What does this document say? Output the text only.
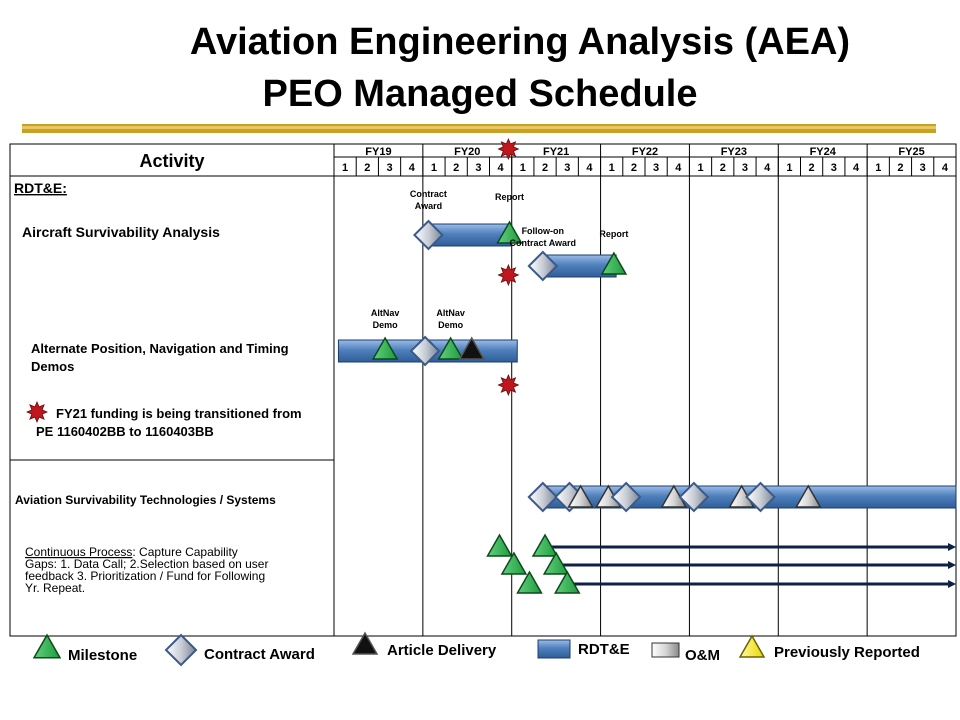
Aviation Engineering Analysis (AEA)
PEO Managed Schedule
Activity	FY19	FY20	FY21	FY22	FY23	FY24	FY25
1 2 3 4 1 2 3 4 1 2 3 4 1 2 3 4 1 2 3 4 1 2 3 4 1 2 3 4
RDT&E:
Aircraft Survivability Analysis
Alternate Position, Navigation and Timing
Demos
FY21 funding is being transitioned from
PE 1160402BB to 1160403BB
Aviation Survivability Technologies / Systems
Continuous Process: Capture Capability
Gaps: 1. Data Call; 2.Selection based on user
feedback 3. Prioritization / Fund for Following
Yr. Repeat.
Contract
Award
Report
Follow-on
Contract Award
Report
AltNav
Demo
AltNav
Demo
Milestone	Contract Award	Article Delivery	RDT&E	O&M	Previously Reported
